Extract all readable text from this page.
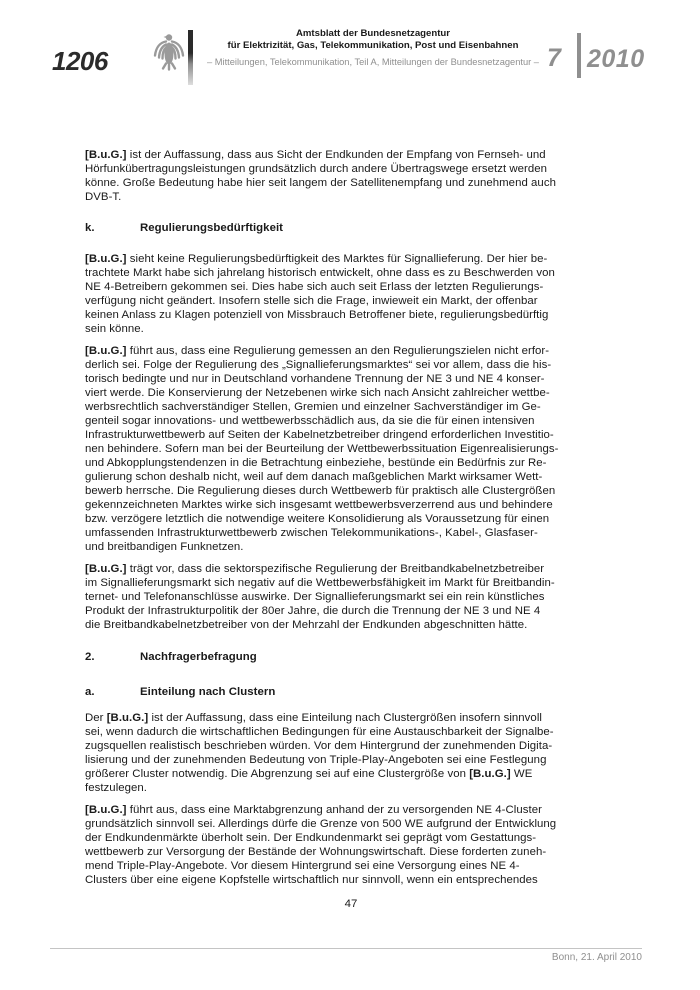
1206
Amtsblatt der Bundesnetzagentur
für Elektrizität, Gas, Telekommunikation, Post und Eisenbahnen
– Mitteilungen, Telekommunikation, Teil A, Mitteilungen der Bundesnetzagentur – 7	2010
[B.u.G.] ist der Auffassung, dass aus Sicht der Endkunden der Empfang von Fernseh- und
Hörfunkübertragungsleistungen grundsätzlich durch andere Übertragswege ersetzt werden
könne. Große Bedeutung habe hier seit langem der Satellitenempfang und zunehmend auch
DVB-T.
k.	Regulierungsbedürftigkeit
[B.u.G.] sieht keine Regulierungsbedürftigkeit des Marktes für Signallieferung. Der hier be-
trachtete Markt habe sich jahrelang historisch entwickelt, ohne dass es zu Beschwerden von
NE 4-Betreibern gekommen sei. Dies habe sich auch seit Erlass der letzten Regulierungs-
verfügung nicht geändert. Insofern stelle sich die Frage, inwieweit ein Markt, der offenbar
keinen Anlass zu Klagen potenziell von Missbrauch Betroffener biete, regulierungsbedürftig
sein könne.
[B.u.G.] führt aus, dass eine Regulierung gemessen an den Regulierungszielen nicht erfor-
derlich sei. Folge der Regulierung des „Signallieferungsmarktes“ sei vor allem, dass die his-
torisch bedingte und nur in Deutschland vorhandene Trennung der NE 3 und NE 4 konser-
viert werde. Die Konservierung der Netzebenen wirke sich nach Ansicht zahlreicher wettbe-
werbsrechtlich sachverständiger Stellen, Gremien und einzelner Sachverständiger im Ge-
genteil sogar innovations- und wettbewerbsschädlich aus, da sie die für einen intensiven
Infrastrukturwettbewerb auf Seiten der Kabelnetzbetreiber dringend erforderlichen Investitio-
nen behindere. Sofern man bei der Beurteilung der Wettbewerbssituation Eigenrealisierungs-
und Abkopplungstendenzen in die Betrachtung einbeziehe, bestünde ein Bedürfnis zur Re-
gulierung schon deshalb nicht, weil auf dem danach maßgeblichen Markt wirksamer Wett-
bewerb herrsche. Die Regulierung dieses durch Wettbewerb für praktisch alle Clustergrößen
gekennzeichneten Marktes wirke sich insgesamt wettbewerbsverzerrend aus und behindere
bzw. verzögere letztlich die notwendige weitere Konsolidierung als Voraussetzung für einen
umfassenden Infrastrukturwettbewerb zwischen Telekommunikations-, Kabel-, Glasfaser-
und breitbandigen Funknetzen.
[B.u.G.] trägt vor, dass die sektorspezifische Regulierung der Breitbandkabelnetzbetreiber
im Signallieferungsmarkt sich negativ auf die Wettbewerbsfähigkeit im Markt für Breitbandin-
ternet- und Telefonanschlüsse auswirke. Der Signallieferungsmarkt sei ein rein künstliches
Produkt der Infrastrukturpolitik der 80er Jahre, die durch die Trennung der NE 3 und NE 4
die Breitbandkabelnetzbetreiber von der Mehrzahl der Endkunden abgeschnitten hätte.
2.	Nachfragerbefragung
a.	Einteilung nach Clustern
Der [B.u.G.] ist der Auffassung, dass eine Einteilung nach Clustergrößen insofern sinnvoll
sei, wenn dadurch die wirtschaftlichen Bedingungen für eine Austauschbarkeit der Signalbe-
zugsquellen realistisch beschrieben würden. Vor dem Hintergrund der zunehmenden Digita-
lisierung und der zunehmenden Bedeutung von Triple-Play-Angeboten sei eine Festlegung
größerer Cluster notwendig. Die Abgrenzung sei auf eine Clustergröße von [B.u.G.] WE
festzulegen.
[B.u.G.] führt aus, dass eine Marktabgrenzung anhand der zu versorgenden NE 4-Cluster
grundsätzlich sinnvoll sei. Allerdings dürfe die Grenze von 500 WE aufgrund der Entwicklung
der Endkundenmärkte überholt sein. Der Endkundenmarkt sei geprägt vom Gestattungs-
wettbewerb zur Versorgung der Bestände der Wohnungswirtschaft. Diese forderten zuneh-
mend Triple-Play-Angebote. Vor diesem Hintergrund sei eine Versorgung eines NE 4-
Clusters über eine eigene Kopfstelle wirtschaftlich nur sinnvoll, wenn ein entsprechendes
47
Bonn, 21. April 2010
